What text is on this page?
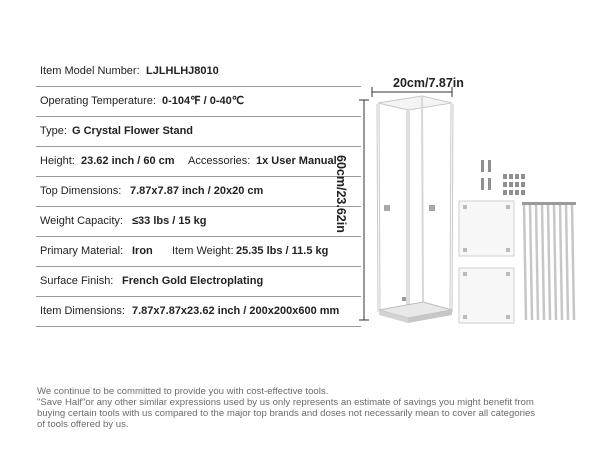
Item Model Number: LJLHLHJ8010
Operating Temperature: 0-104℉ / 0-40℃
Type: G Crystal Flower Stand
Height: 23.62 inch / 60 cm Accessories: 1x User Manual
Top Dimensions: 7.87x7.87 inch / 20x20 cm
Weight Capacity: ≤33 lbs / 15 kg
Primary Material: Iron Item Weight: 25.35 lbs / 11.5 kg
Surface Finish: French Gold Electroplating
Item Dimensions: 7.87x7.87x23.62 inch / 200x200x600 mm
20cm/7.87in
60cm/23.62in
We continue to be committed to provide you with cost-effective tools.
"Save Half"or any other similar expressions used by us only represents an estimate of savings you might benefit from
buying certain tools with us compared to the major top brands and doses not necessarily mean to cover all categories
of tools offered by us.
